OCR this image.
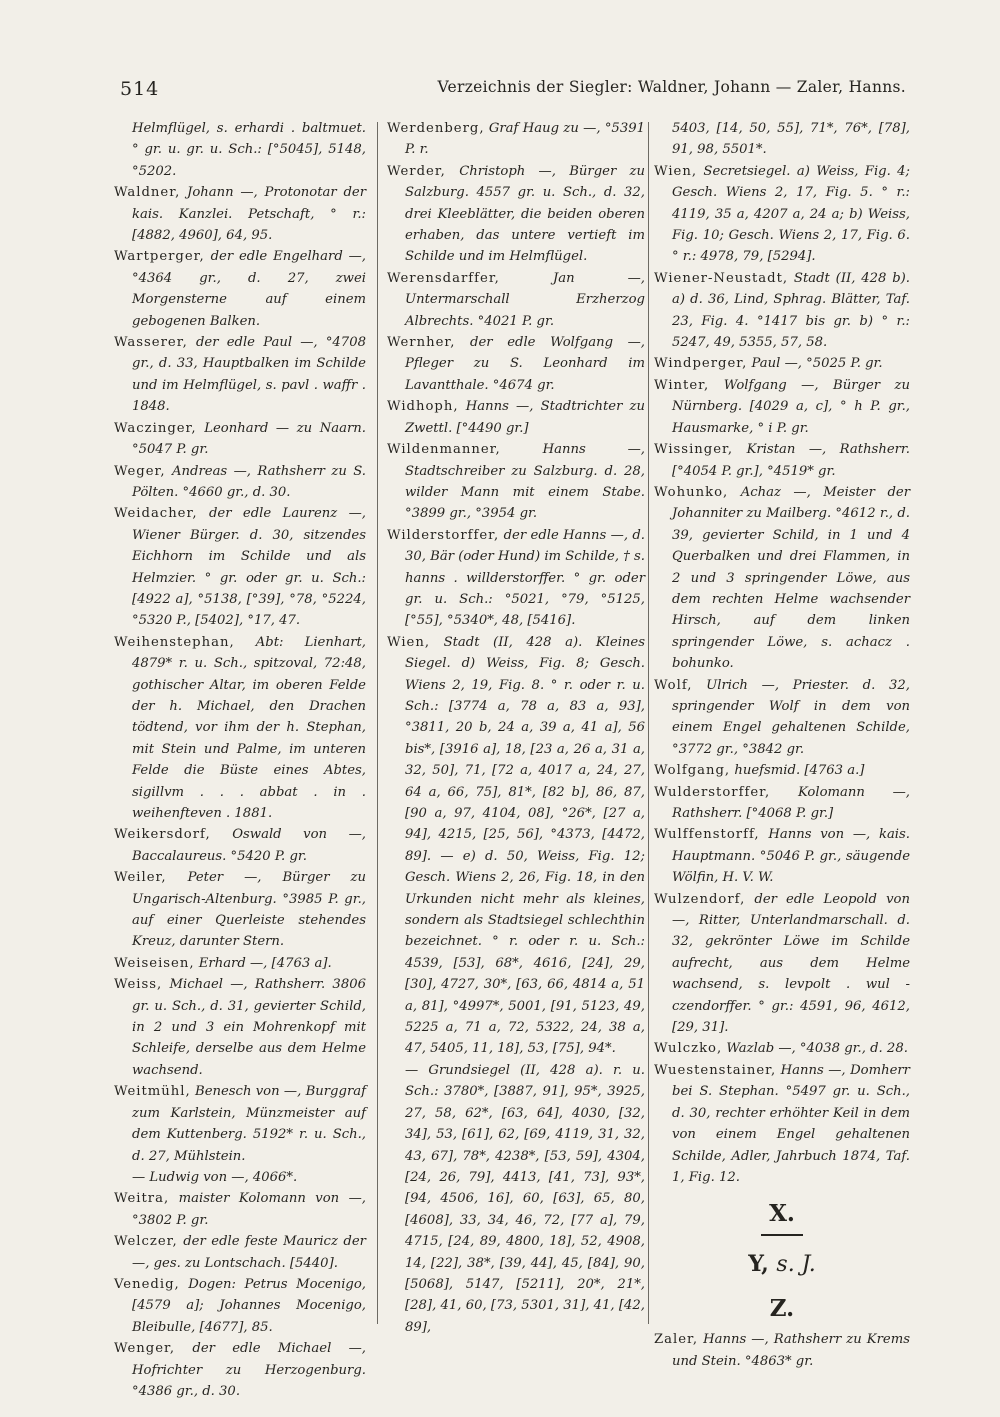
514	Verzeichnis der Siegler: Waldner, Johann — Zaler, Hanns.

Helmflügel, s. erhardi . baltmuet. ° gr. u. gr. u. Sch.: [°5045], 5148, °5202.

Waldner, Johann —, Protonotar der kais. Kanzlei. Petschaft, ° r.: [4882, 4960], 64, 95.

Wartperger, der edle Engelhard —, °4364 gr., d. 27, zwei Morgensterne auf einem gebogenen Balken.

Wasserer, der edle Paul —, °4708 gr., d. 33, Hauptbalken im Schilde und im Helmflügel, s. pavl . waffr . 1848.

Waczinger, Leonhard — zu Naarn. °5047 P. gr.

Weger, Andreas —, Rathsherr zu S. Pölten. °4660 gr., d. 30.

Weidacher, der edle Laurenz —, Wiener Bürger. d. 30, sitzendes Eichhorn im Schilde und als Helmzier. ° gr. oder gr. u. Sch.: [4922 a], °5138, [°39], °78, °5224, °5320 P., [5402], °17, 47.

Weihenstephan, Abt: Lienhart, 4879* r. u. Sch., spitzoval, 72:48, gothischer Altar, im oberen Felde der h. Michael, den Drachen tödtend, vor ihm der h. Stephan, mit Stein und Palme, im unteren Felde die Büste eines Abtes, sigillvm . . . abbat . in . weihenfteven . 1881.

Weikersdorf, Oswald von —, Baccalaureus. °5420 P. gr.

Weiler, Peter —, Bürger zu Ungarisch-Altenburg. °3985 P. gr., auf einer Querleiste stehendes Kreuz, darunter Stern.

Weiseisen, Erhard —, [4763 a].

Weiss, Michael —, Rathsherr. 3806 gr. u. Sch., d. 31, gevierter Schild, in 2 und 3 ein Mohrenkopf mit Schleife, derselbe aus dem Helme wachsend.

Weitmühl, Benesch von —, Burggraf zum Karlstein, Münzmeister auf dem Kuttenberg. 5192* r. u. Sch., d. 27, Mühlstein.

— Ludwig von —, 4066*.

Weitra, maister Kolomann von —, °3802 P. gr.

Welczer, der edle feste Mauricz der —, ges. zu Lontschach. [5440].

Venedig, Dogen: Petrus Mocenigo, [4579 a]; Johannes Mocenigo, Bleibulle, [4677], 85.

Wenger, der edle Michael —, Hofrichter zu Herzogenburg. °4386 gr., d. 30.

Werdenberg, Graf Haug zu —, °5391 P. r.

Werder, Christoph —, Bürger zu Salzburg. 4557 gr. u. Sch., d. 32, drei Kleeblätter, die beiden oberen erhaben, das untere vertieft im Schilde und im Helmflügel.

Werensdarffer,	Jan —, Untermarschall Erzherzog Albrechts. °4021 P. gr.

Wernher, der edle Wolfgang —, Pfleger zu S. Leonhard im Lavantthale. °4674 gr.

Widhoph, Hanns —, Stadtrichter zu Zwettl. [°4490 gr.]

Wildenmanner,	Hanns —, Stadtschreiber zu Salzburg. d. 28, wilder Mann mit einem Stabe. °3899 gr., °3954 gr.

Wilderstorffer, der edle Hanns —, d. 30, Bär (oder Hund) im Schilde, † s. hanns . willderstorffer. ° gr. oder gr. u. Sch.: °5021, °79, °5125, [°55], °5340*, 48, [5416].

Wien, Stadt (II, 428 a). Kleines Siegel. d) Weiss, Fig. 8; Gesch. Wiens 2, 19, Fig. 8. ° r. oder r. u. Sch.: [3774 a, 78 a, 83 a, 93], °3811, 20 b, 24 a, 39 a, 41 a], 56 bis*, [3916 a], 18, [23 a, 26 a, 31 a, 32, 50], 71, [72 a, 4017 a, 24, 27, 64 a, 66, 75], 81*, [82 b], 86, 87, [90 a, 97, 4104, 08], °26*, [27 a, 94], 4215, [25, 56], °4373, [4472, 89]. — e) d. 50, Weiss, Fig. 12; Gesch. Wiens 2, 26, Fig. 18, in den Urkunden nicht mehr als kleines, sondern als Stadtsiegel schlechthin bezeichnet. ° r. oder r. u. Sch.: 4539, [53], 68*, 4616, [24], 29, [30], 4727, 30*, [63, 66, 4814 a, 51 a, 81], °4997*, 5001, [91, 5123, 49, 5225 a, 71 a, 72, 5322, 24, 38 a, 47, 5405, 11, 18], 53, [75], 94*.

— Grundsiegel (II, 428 a). r. u. Sch.: 3780*, [3887, 91], 95*, 3925, 27, 58, 62*, [63, 64], 4030, [32, 34], 53, [61], 62, [69, 4119, 31, 32, 43, 67], 78*, 4238*, [53, 59], 4304, [24, 26, 79], 4413, [41, 73], 93*, [94, 4506, 16], 60, [63], 65, 80, [4608], 33, 34, 46, 72, [77 a], 79, 4715, [24, 89, 4800, 18], 52, 4908, 14, [22], 38*, [39, 44], 45, [84], 90, [5068], 5147, [5211], 20*, 21*, [28], 41, 60, [73, 5301, 31], 41, [42, 89],

5403, [14, 50, 55], 71*, 76*, [78], 91, 98, 5501*.

Wien, Secretsiegel. a) Weiss, Fig. 4; Gesch. Wiens 2, 17, Fig. 5. ° r.: 4119, 35 a, 4207 a, 24 a; b) Weiss, Fig. 10; Gesch. Wiens 2, 17, Fig. 6. ° r.: 4978, 79, [5294].

Wiener-Neustadt, Stadt (II, 428 b). a) d. 36, Lind, Sphrag. Blätter, Taf. 23, Fig. 4. °1417 bis gr. b) ° r.: 5247, 49, 5355, 57, 58.

Windperger, Paul —, °5025 P. gr.

Winter, Wolfgang —, Bürger zu Nürnberg. [4029 a, c], ° h P. gr., Hausmarke, ° i P. gr.

Wissinger, Kristan —, Rathsherr. [°4054 P. gr.], °4519* gr.

Wohunko, Achaz —, Meister der Johanniter zu Mailberg. °4612 r., d. 39, gevierter Schild, in 1 und 4 Querbalken und drei Flammen, in 2 und 3 springender Löwe, aus dem rechten Helme wachsender Hirsch, auf dem linken springender Löwe, s. achacz . bohunko.

Wolf, Ulrich —, Priester. d. 32, springender Wolf in dem von einem Engel gehaltenen Schilde, °3772 gr., °3842 gr.

Wolfgang, huefsmid. [4763 a.]

Wulderstorffer, Kolomann —, Rathsherr. [°4068 P. gr.]

Wulffenstorff, Hanns von —, kais. Hauptmann. °5046 P. gr., säugende Wölfin, H. V. W.

Wulzendorf, der edle Leopold von —, Ritter, Unterlandmarschall. d. 32, gekrönter Löwe im Schilde aufrecht, aus dem Helme wachsend, s. levpolt . wul - czendorffer. ° gr.: 4591, 96, 4612, [29, 31].

Wulczko, Wazlab —, °4038 gr., d. 28.

Wuestenstainer, Hanns —, Domherr bei S. Stephan. °5497 gr. u. Sch., d. 30, rechter erhöhter Keil in dem von einem Engel gehaltenen Schilde, Adler, Jahrbuch 1874, Taf. 1, Fig. 12.

X.
Y, s. J.
Z.

Zaler, Hanns —, Rathsherr zu Krems und Stein. °4863* gr.
